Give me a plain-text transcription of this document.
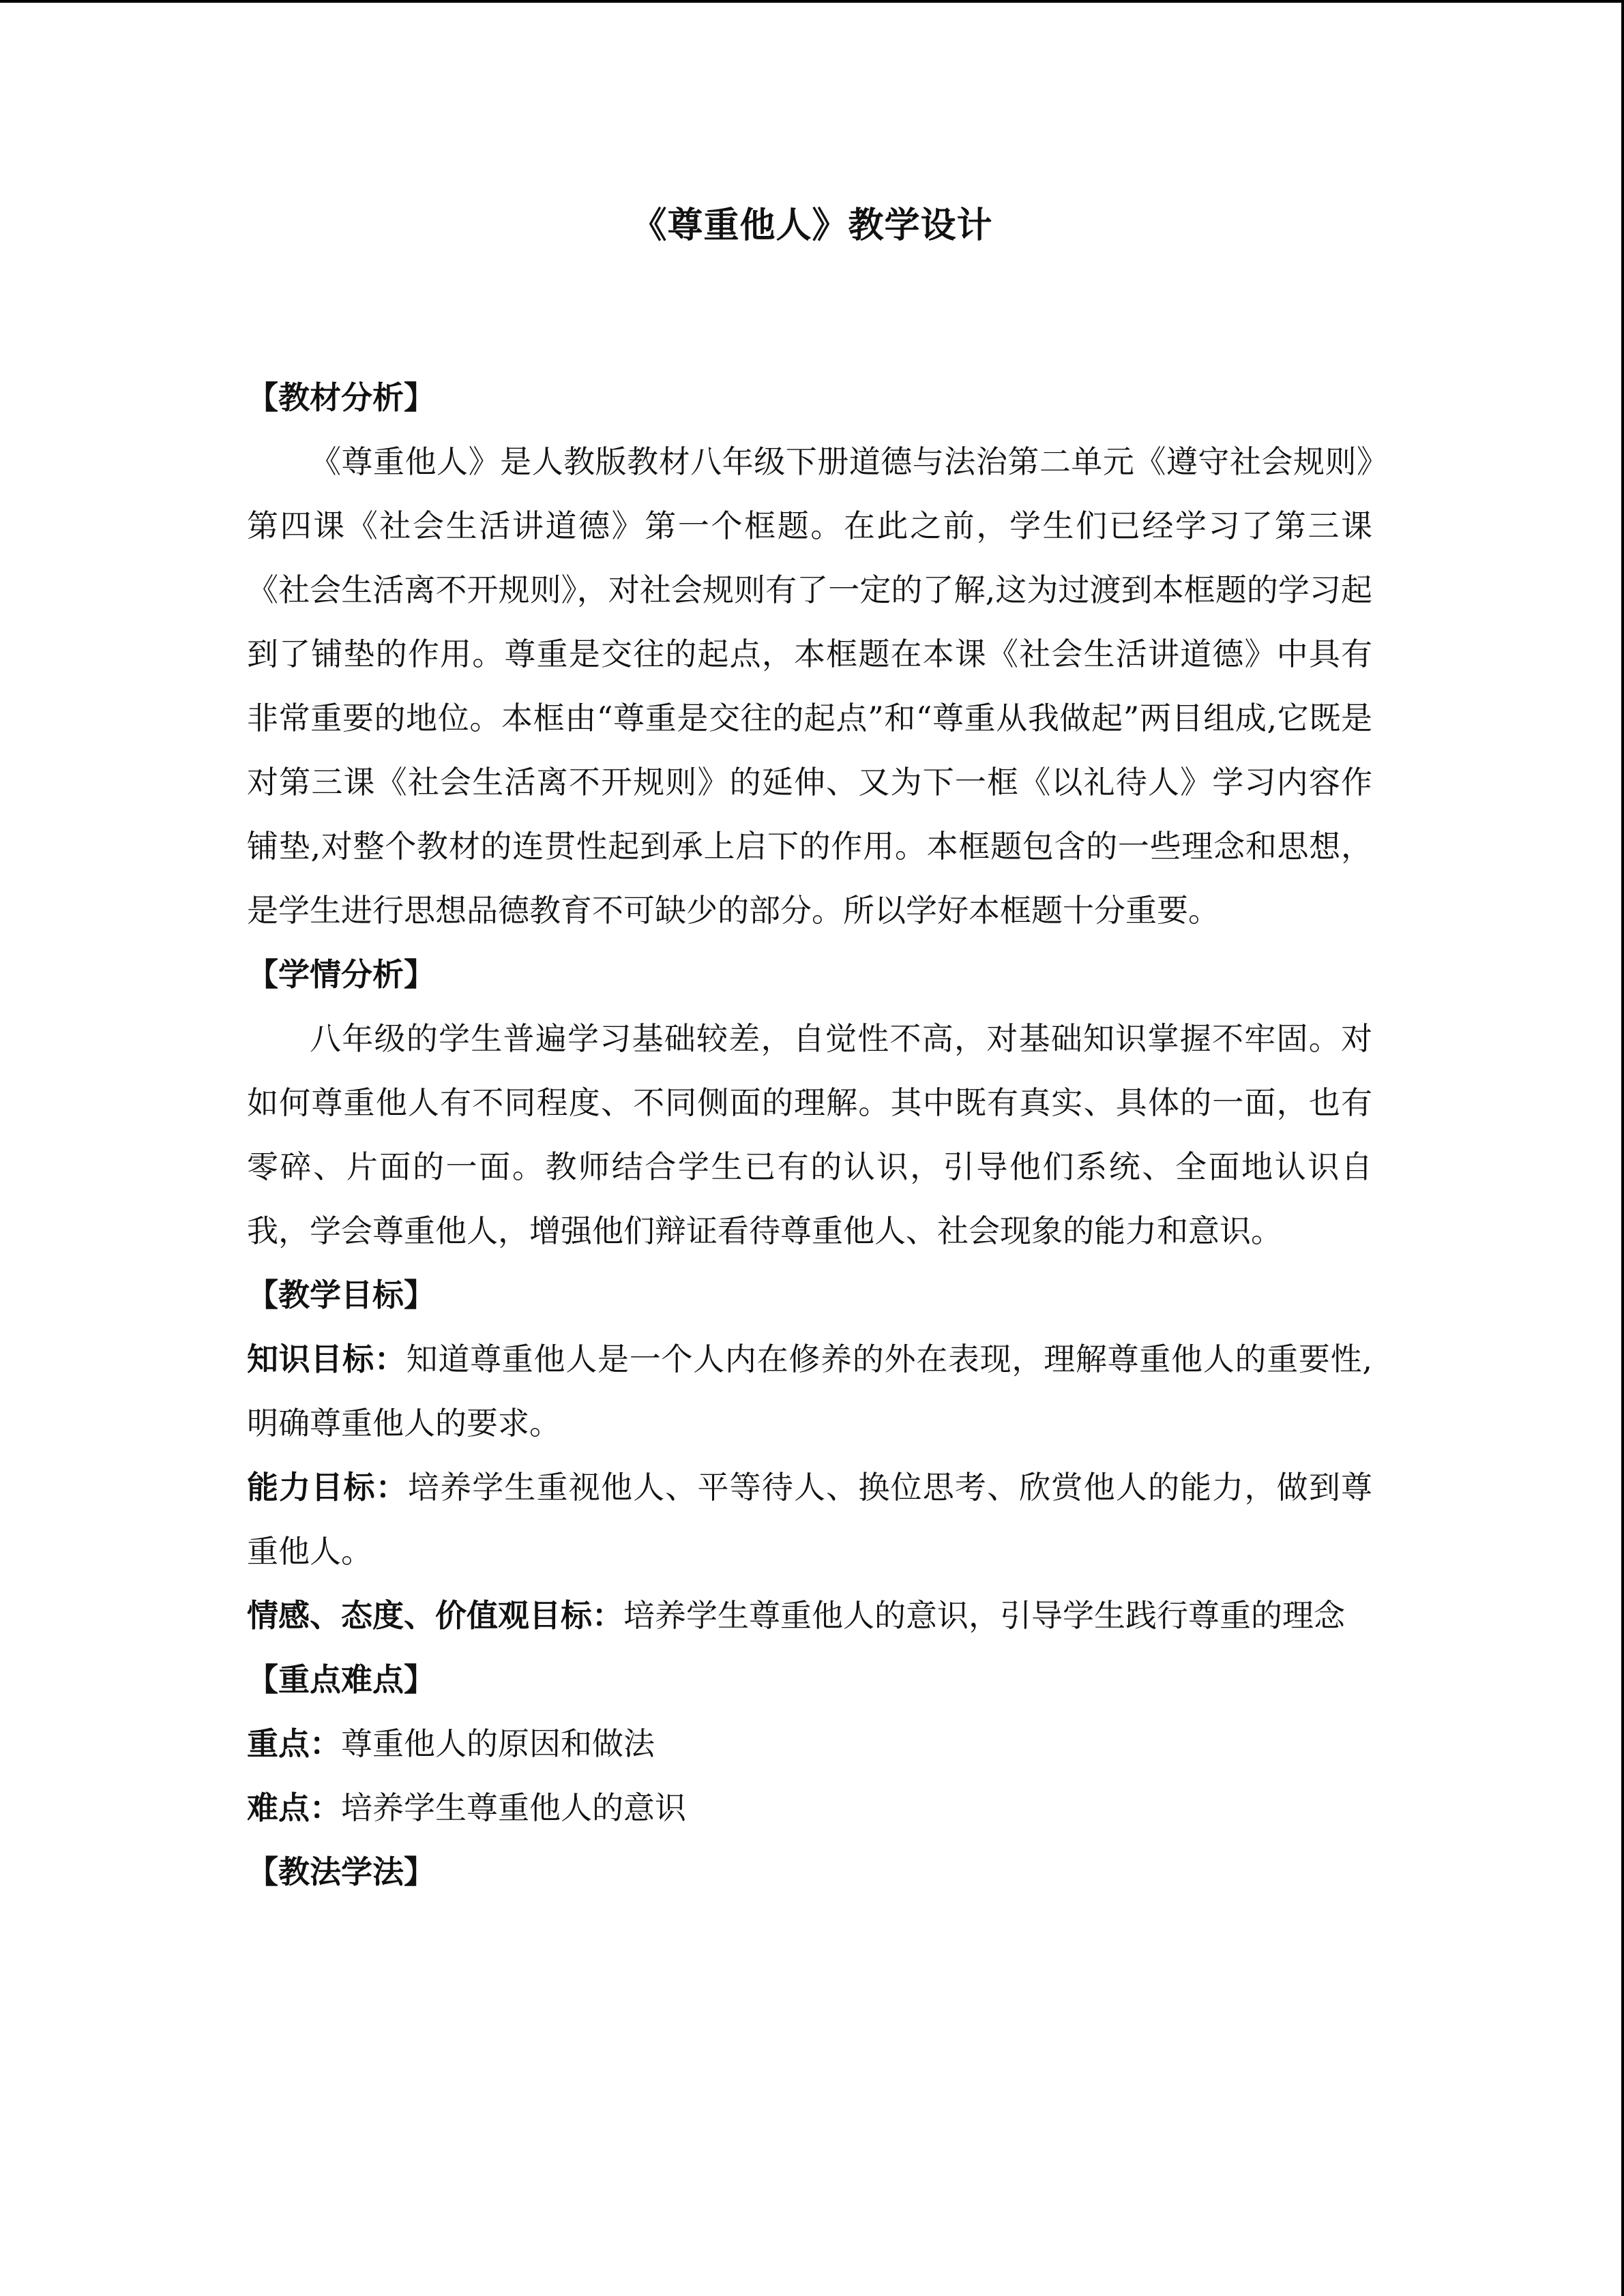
《尊重他人》教学设计

【教材分析】

《尊重他人》是人教版教材八年级下册道德与法治第二单元《遵守社会规则》第四课《社会生活讲道德》第一个框题。在此之前，学生们已经学习了第三课《社会生活离不开规则》，对社会规则有了一定的了解,这为过渡到本框题的学习起到了铺垫的作用。尊重是交往的起点，本框题在本课《社会生活讲道德》中具有非常重要的地位。本框由“尊重是交往的起点”和“尊重从我做起”两目组成,它既是对第三课《社会生活离不开规则》的延伸、又为下一框《以礼待人》学习内容作铺垫,对整个教材的连贯性起到承上启下的作用。本框题包含的一些理念和思想，是学生进行思想品德教育不可缺少的部分。所以学好本框题十分重要。

【学情分析】

八年级的学生普遍学习基础较差，自觉性不高，对基础知识掌握不牢固。对如何尊重他人有不同程度、不同侧面的理解。其中既有真实、具体的一面，也有零碎、片面的一面。教师结合学生已有的认识，引导他们系统、全面地认识自我，学会尊重他人，增强他们辩证看待尊重他人、社会现象的能力和意识。

【教学目标】

知识目标：知道尊重他人是一个人内在修养的外在表现，理解尊重他人的重要性,明确尊重他人的要求。

能力目标：培养学生重视他人、平等待人、换位思考、欣赏他人的能力，做到尊重他人。

情感、态度、价值观目标：培养学生尊重他人的意识，引导学生践行尊重的理念

【重点难点】

重点：尊重他人的原因和做法

难点：培养学生尊重他人的意识

【教法学法】
